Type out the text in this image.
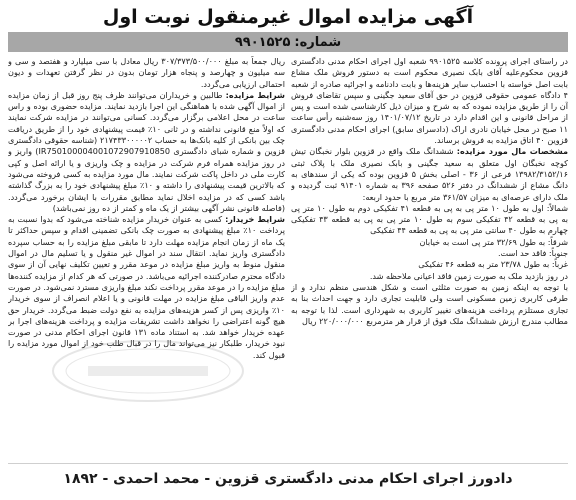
آگهی مزایده اموال غیرمنقول نوبت اول
شماره:
۹۹۰۱۵۲۵

در راستای اجرای پرونده کلاسه ۹۹۰۱۵۲۵ شعبه اول اجرای احکام مدنی دادگستری قزوین محکوم‌علیه آقای بابک نصیری محکوم است به دستور فروش ملک مشاع بابت اصل خواسته با احتساب سایر هزینه‌ها و بابت دادنامه و اجرائیه صادره از شعبه ۴ دادگاه عمومی حقوقی قزوین در حق آقای سعید جگینی و سپس تقاضای فروش آن را از طریق مزایده نموده که به شرح و میزان ذیل کارشناسی شده است و پس از مراحل قانونی و این اقدام دارد در تاریخ ۱۴۰۱/۰۷/۱۲ روز سه‌شنبه رأس ساعت ۱۱ صبح در محل خیابان نادری اراک (دادسرای سابق) اجرای احکام مدنی دادگستری قزوین ۴۰ اتاق مزایده به فروش برساند.

مشخصات مال مورد مزایده: ششدانگ ملک واقع در قزوین بلوار نخبگان تیش کوچه نخبگان اول متعلق به سعید جگینی و بابک نصیری ملک با پلاک ثبتی ۱۳۹۸۲/۳۱۵۲/۱۶ فرعی از ۳۶ - اصلی بخش ۵ قزوین بوده که یکی از سندهای به دانگ مشاع از ششدانگ در دفتر ۵۲۶ صفحه ۳۹۶ به شماره ۹۱۴۰۱ ثبت گردیده و ملک دارای عرصه‌ای به میزان ۳۶۱/۵۷ متر مربع با حدود اربعه:

شمالاً: اول به طول ۱۰ متر پی به پی به قطعه ۴۱ تفکیکی دوم به طول ۱۰ متر پی به پی به قطعه ۴۲ تفکیکی سوم به طول ۱۰ متر پی به پی به قطعه ۴۳ تفکیکی چهارم به طول ۴۰ سانتی متر پی به پی به قطعه ۴۴ تفکیکی

شرقاً: به طول ۳۲/۶۹ متر پی است به خیابان

جنوباً: فاقد حد است.

غرباً: به طول ۲۳/۷۸ متر به قطعه ۴۶ تفکیکی

در روز بازدید ملک به صورت زمین فاقد اعیانی ملاحظه شد.

با توجه به اینکه زمین به صورت مثلثی است و شکل هندسی منظم ندارد و از طرفی کاربری زمین مسکونی است ولی قابلیت تجاری دارد و جهت احداث بنا به تجاری مستلزم پرداخت هزینه‌های تغییر کاربری به شهرداری است. لذا با توجه به مطالب مندرج ارزش ششدانگ ملک فوق از قرار هر مترمربع ۲۲۰/۰۰۰/۰۰۰ ریال

ریال جمعاً به مبلغ ۳۰۷/۳۷۳/۵۰۰/۰۰۰ ریال معادل با سی میلیارد و هفتصد و سی و سه میلیون و چهارصد و پنجاه هزار تومان بدون در نظر گرفتن تعهدات و دیون احتمالی ارزیابی می‌گردد.

شرایط مزایده: طالبین و خریداران می‌توانند ظرف پنج روز قبل از زمان مزایده از اموال آگهی شده با هماهنگی این اجرا بازدید نمایند. مزایده حضوری بوده و راس ساعت در محل اعلامی برگزار می‌گردد. کسانی می‌توانند در مزایده شرکت نمایند که اولاً منع قانونی نداشته و در ثانی ۱۰٪ قیمت پیشنهادی خود را از طریق دریافت چک بین بانکی از کلیه بانک‌ها به حساب ۲۱۷۴۳۳۰۰۰۰۰۲ (شناسه حقوقی دادگستری قزوین و شماره شبای دادگستری IR750100004001072907910850) واریز و در روز مزایده همراه فرم شرکت در مزایده و چک واریزی و یا ارائه اصل و کپی کارت ملی در داخل پاکت شرکت نمایند. مال مورد مزایده به کسی فروخته می‌شود که بالاترین قیمت پیشنهادی را داشته و ۱۰٪ مبلغ پیشنهادی خود را به بزرگ گذاشته باشد کسی که در مزایده اخلال نماید مطابق مقررات با ایشان برخورد می‌گردد. (فاصله قانونی نشر آگهی بیشتر از یک ماه و کمتر از ده روز نمی‌باشد)

شرایط خریدار: کسی به عنوان خریدار مزایده شناخته می‌شود که بدوا نسبت به پرداخت ۱۰٪ مبلغ پیشنهادی به صورت چک بانکی تضمینی اقدام و سپس حداکثر تا یک ماه از زمان انجام مزایده مهلت دارد تا مابقی مبلغ مزایده را به حساب سپرده دادگستری واریز نماید. انتقال سند در اموال غیر منقول و یا تسلیم مال در اموال منقول منوط به واریز مبلغ مزایده در موعد مقرر و تعیین تکلیف نهایی آن از سوی دادگاه محترم صادرکننده اجرائیه می‌باشد. در صورتی که هر کدام از مزایده کننده‌ها مبلغ مزایده را در موعد مقرر پرداخت نکند مبلغ واریزی مسترد نمی‌شود. در صورت عدم واریز الباقی مبلغ مزایده در مهلت قانونی و یا اعلام انصراف از سوی خریدار ۱۰٪ واریزی پس از کسر هزینه‌های مزایده به نفع دولت ضبط می‌گردد. خریدار حق هیچ گونه اعتراضی را نخواهد داشت تشریفات مزایده و پرداخت هزینه‌های اجرا بر عهده خریدار خواهد شد. به استناد ماده ۱۳۱ قانون اجرای احکام مدنی در صورت نبود خریدار، طلبکار نیز می‌تواند مال را در قبال طلب خود از اموال مورد مزایده را قبول کند.

دادورز اجرای احکام مدنی دادگستری قزوین - محمد احمدی - ۱۸۹۲
